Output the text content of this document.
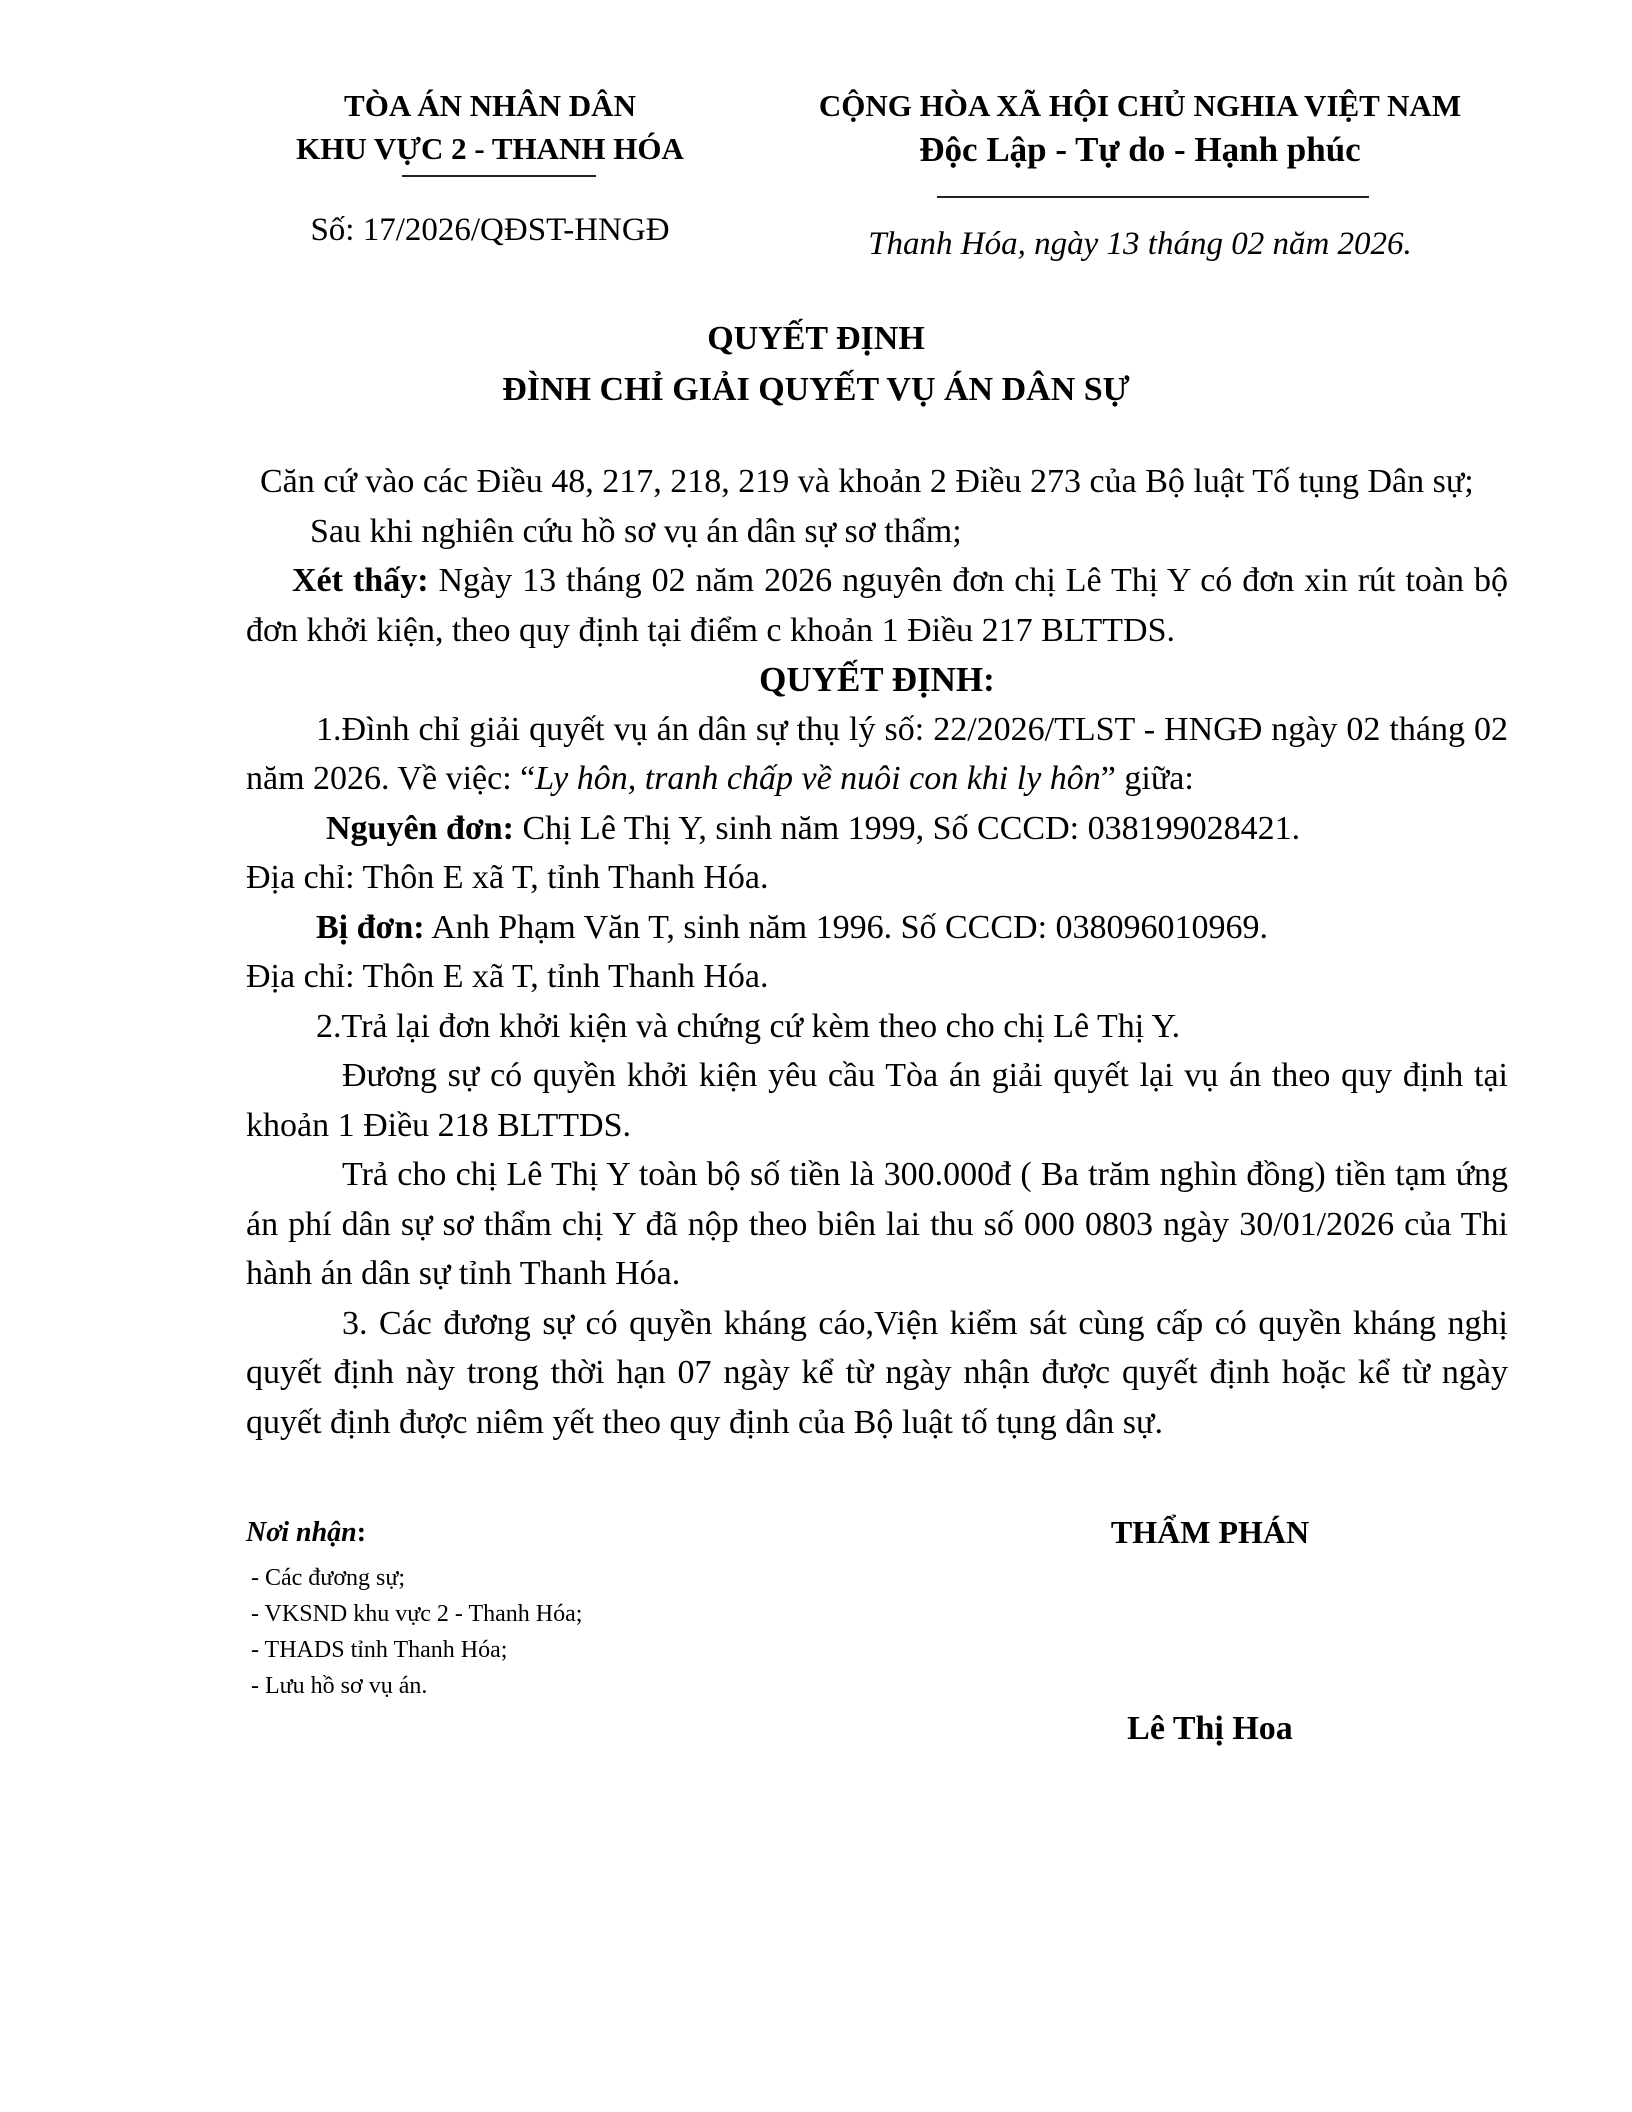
TÒA ÁN NHÂN DÂN
KHU VỰC 2 - THANH HÓA
Số: 17/2026/QĐST-HNGĐ
CỘNG HÒA XÃ HỘI CHỦ NGHIA VIỆT NAM
Độc Lập - Tự do - Hạnh phúc
Thanh Hóa, ngày 13 tháng 02 năm 2026.
QUYẾT ĐỊNH
ĐÌNH CHỈ GIẢI QUYẾT VỤ ÁN DÂN SỰ

Căn cứ vào các Điều 48, 217, 218, 219 và khoản 2 Điều 273 của Bộ luật Tố tụng Dân sự;

Sau khi nghiên cứu hồ sơ vụ án dân sự sơ thẩm;

Xét thấy: Ngày 13 tháng 02 năm 2026 nguyên đơn chị Lê Thị Y có đơn xin rút toàn bộ đơn khởi kiện, theo quy định tại điểm c khoản 1 Điều 217 BLTTDS.

QUYẾT ĐỊNH:

1.Đình chỉ giải quyết vụ án dân sự thụ lý số: 22/2026/TLST - HNGĐ ngày 02 tháng 02 năm 2026. Về việc: “Ly hôn, tranh chấp về nuôi con khi ly hôn” giữa:

Nguyên đơn: Chị Lê Thị Y, sinh năm 1999, Số CCCD: 038199028421.

Địa chỉ: Thôn E xã T, tỉnh Thanh Hóa.

Bị đơn: Anh Phạm Văn T, sinh năm 1996. Số CCCD: 038096010969.

Địa chỉ: Thôn E xã T, tỉnh Thanh Hóa.

2.Trả lại đơn khởi kiện và chứng cứ kèm theo cho chị Lê Thị Y.

Đương sự có quyền khởi kiện yêu cầu Tòa án giải quyết lại vụ án theo quy định tại khoản 1 Điều 218 BLTTDS.

Trả cho chị Lê Thị Y toàn bộ số tiền là 300.000đ ( Ba trăm nghìn đồng) tiền tạm ứng án phí dân sự sơ thẩm chị Y đã nộp theo biên lai thu số 000 0803 ngày 30/01/2026 của Thi hành án dân sự tỉnh Thanh Hóa.

3. Các đương sự có quyền kháng cáo,Viện kiểm sát cùng cấp có quyền kháng nghị quyết định này trong thời hạn 07 ngày kể từ ngày nhận được quyết định hoặc kể từ ngày quyết định được niêm yết theo quy định của Bộ luật tố tụng dân sự.

Nơi nhận:
- Các đương sự;
- VKSND khu vực 2 - Thanh Hóa;
- THADS tỉnh Thanh Hóa;
- Lưu hồ sơ vụ án.
THẨM PHÁN
Lê Thị Hoa
